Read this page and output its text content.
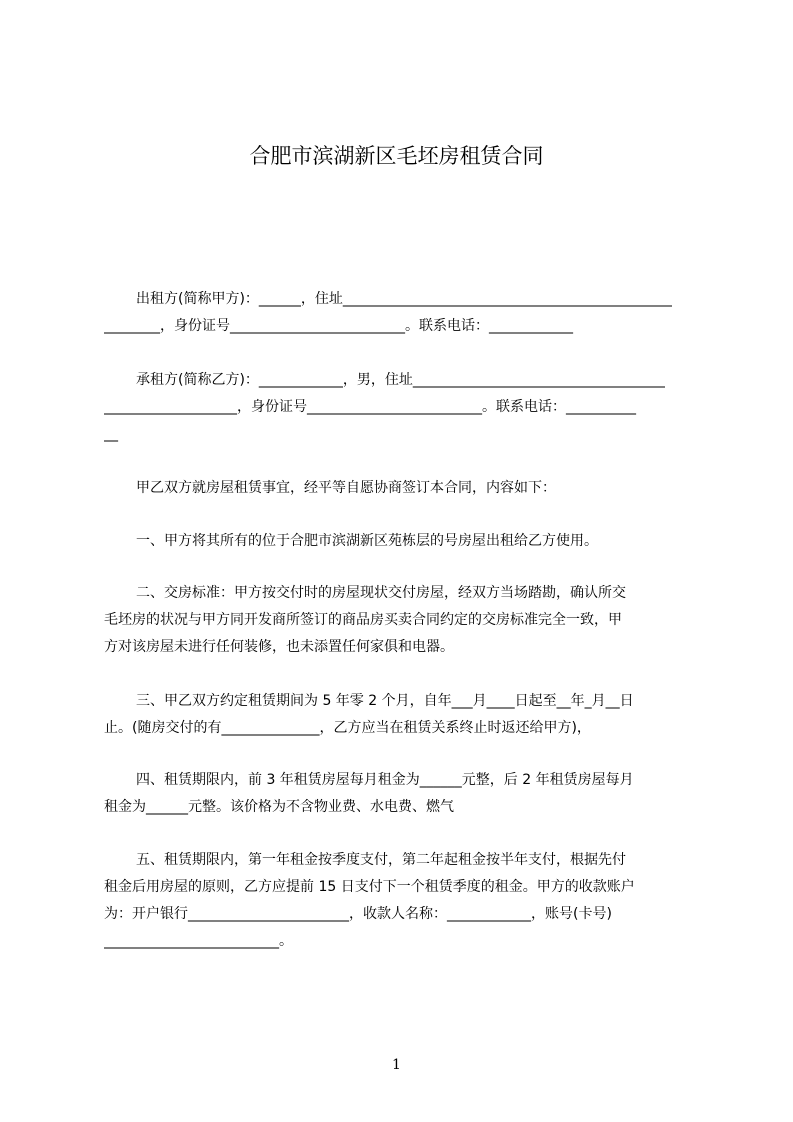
合肥市滨湖新区毛坯房租赁合同
出租方(简称甲方)：______，住址_______________________________________________
________，身份证号_________________________。联系电话：____________
承租方(简称乙方)：____________，男，住址____________________________________
___________________，身份证号_________________________。联系电话：__________
__
甲乙双方就房屋租赁事宜，经平等自愿协商签订本合同，内容如下：
一、甲方将其所有的位于合肥市滨湖新区苑栋层的号房屋出租给乙方使用。
二、交房标准：甲方按交付时的房屋现状交付房屋，经双方当场踏勘，确认所交
毛坯房的状况与甲方同开发商所签订的商品房买卖合同约定的交房标准完全一致，甲
方对该房屋未进行任何装修，也未添置任何家俱和电器。
三、甲乙双方约定租赁期间为 5 年零 2 个月，自年___月____日起至__年_月__日
止。(随房交付的有______________，乙方应当在租赁关系终止时返还给甲方)，
四、租赁期限内，前 3 年租赁房屋每月租金为______元整，后 2 年租赁房屋每月
租金为______元整。该价格为不含物业费、水电费、燃气
五、租赁期限内，第一年租金按季度支付，第二年起租金按半年支付，根据先付
租金后用房屋的原则，乙方应提前 15 日支付下一个租赁季度的租金。甲方的收款账户
为：开户银行_______________________，收款人名称：____________，账号(卡号)
_________________________。
1
